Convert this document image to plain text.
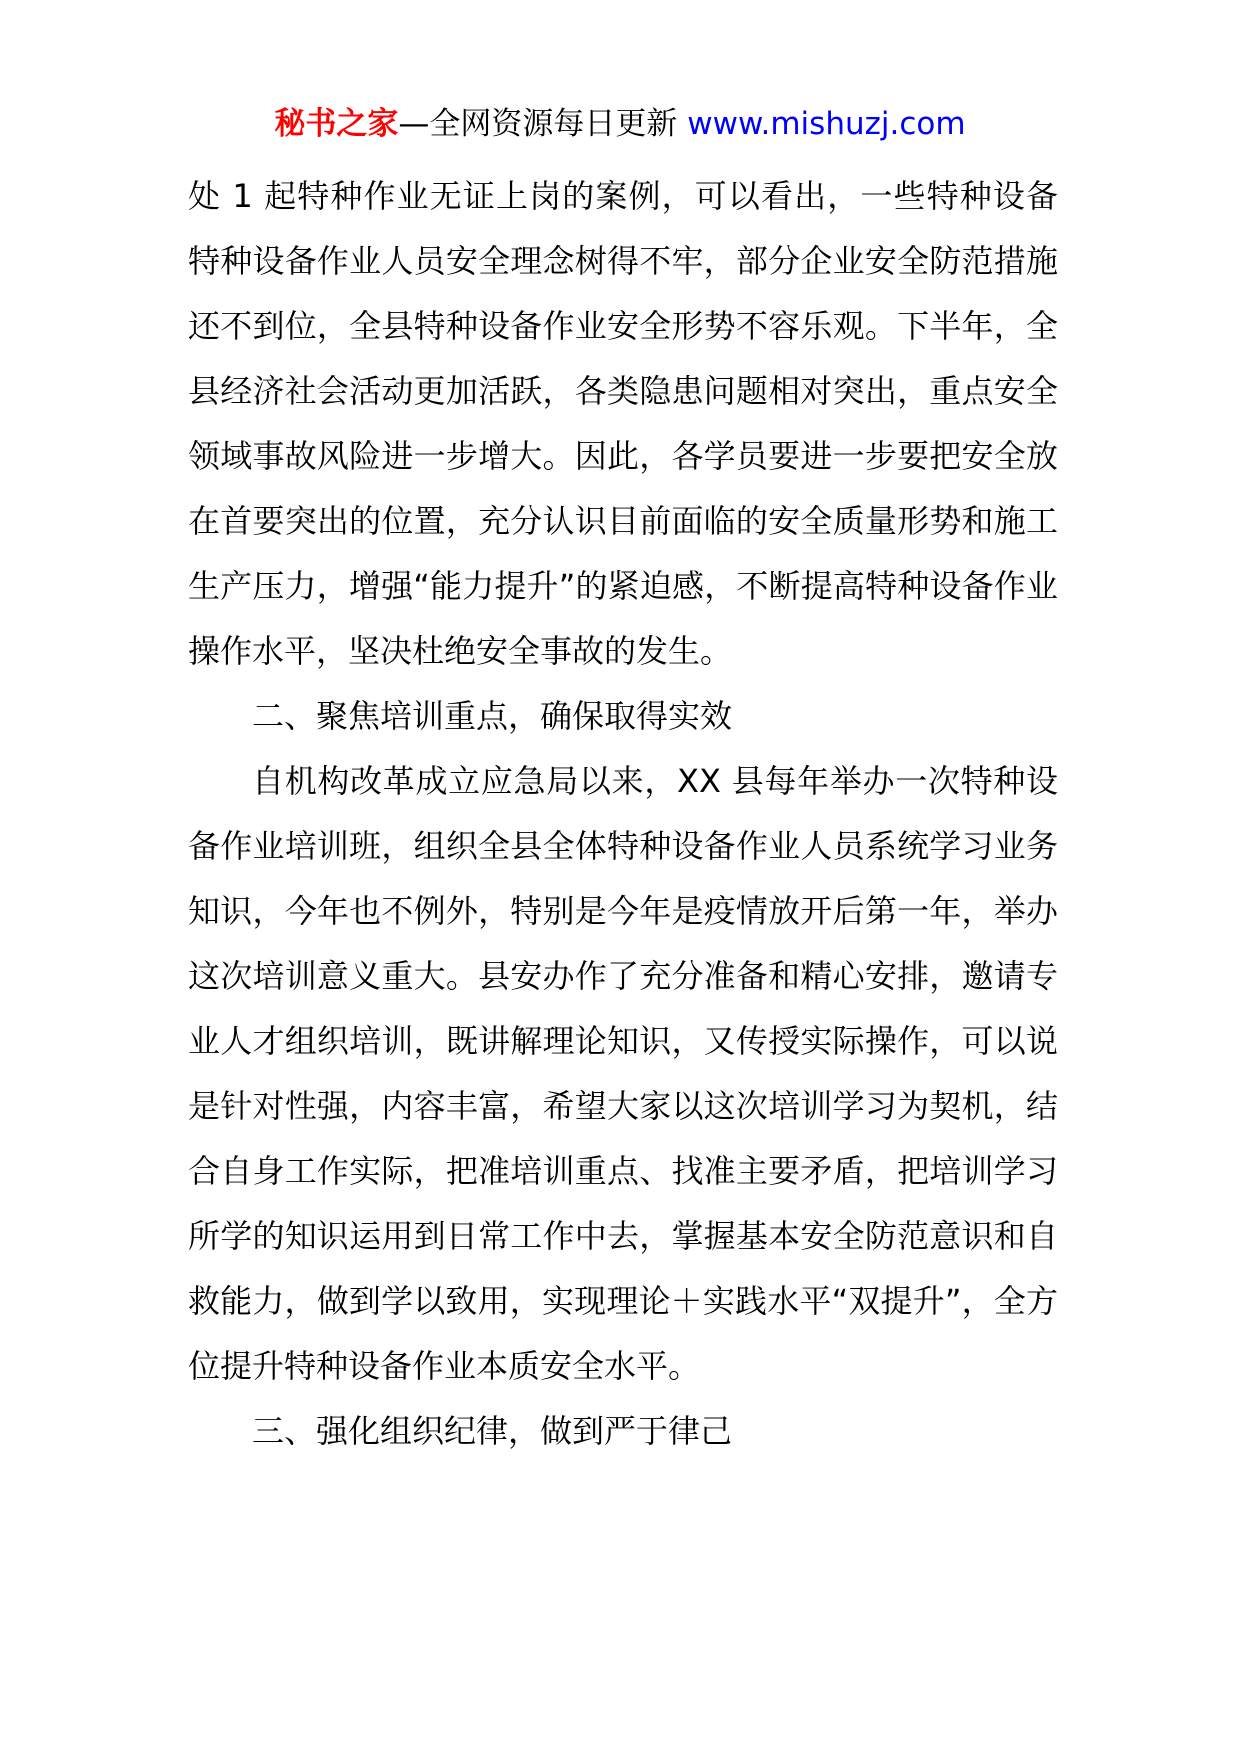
秘书之家—全网资源每日更新 www.mishuzj.com

处 1 起特种作业无证上岗的案例，可以看出，一些特种设备特种设备作业人员安全理念树得不牢，部分企业安全防范措施还不到位，全县特种设备作业安全形势不容乐观。下半年，全县经济社会活动更加活跃，各类隐患问题相对突出，重点安全领域事故风险进一步增大。因此，各学员要进一步要把安全放在首要突出的位置，充分认识目前面临的安全质量形势和施工生产压力，增强“能力提升”的紧迫感，不断提高特种设备作业操作水平，坚决杜绝安全事故的发生。

二、聚焦培训重点，确保取得实效

自机构改革成立应急局以来，XX 县每年举办一次特种设备作业培训班，组织全县全体特种设备作业人员系统学习业务知识，今年也不例外，特别是今年是疫情放开后第一年，举办这次培训意义重大。县安办作了充分准备和精心安排，邀请专业人才组织培训，既讲解理论知识，又传授实际操作，可以说是针对性强，内容丰富，希望大家以这次培训学习为契机，结合自身工作实际，把准培训重点、找准主要矛盾，把培训学习所学的知识运用到日常工作中去，掌握基本安全防范意识和自救能力，做到学以致用，实现理论＋实践水平“双提升”，全方位提升特种设备作业本质安全水平。

三、强化组织纪律，做到严于律己
